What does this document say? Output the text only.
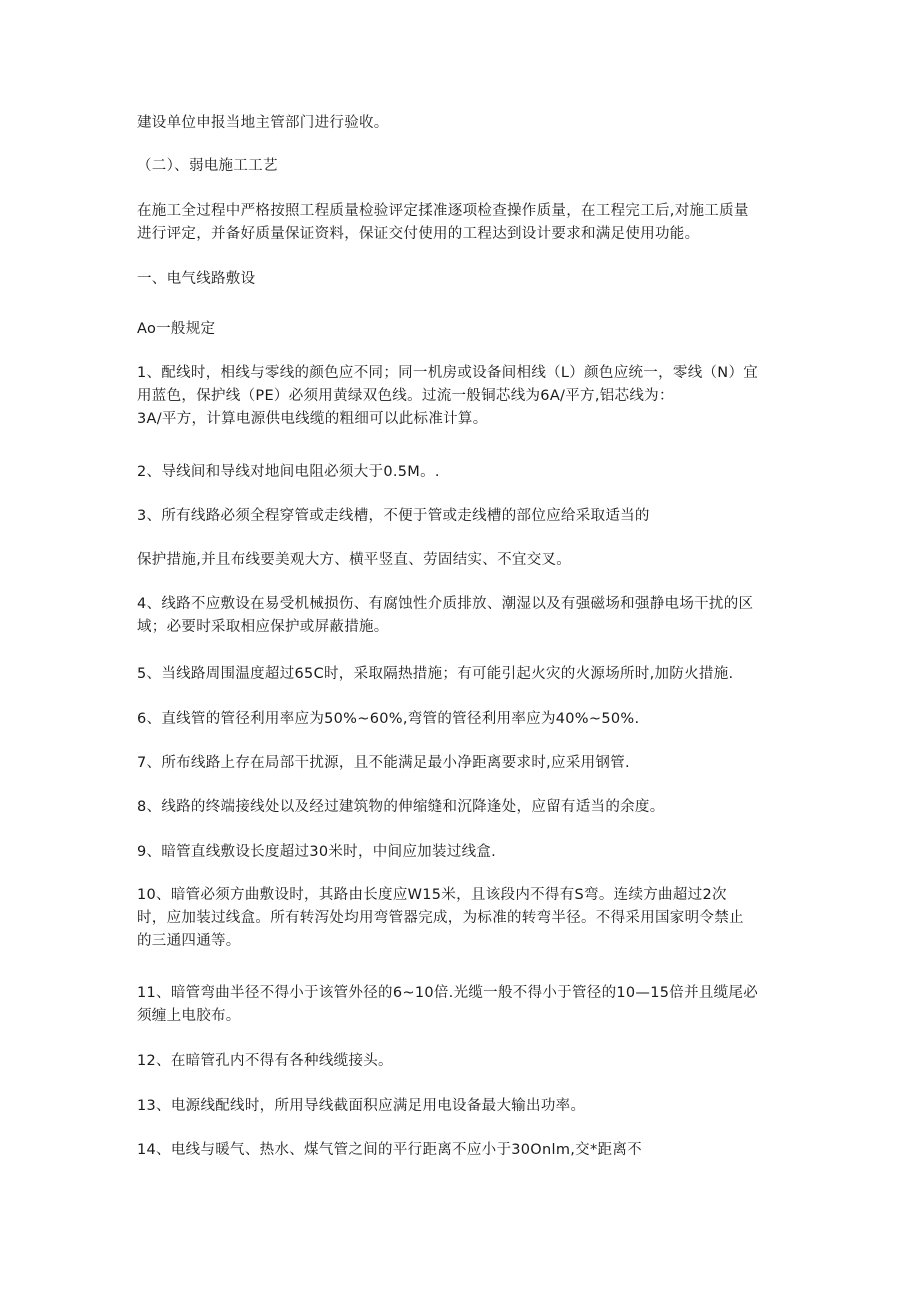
建设单位申报当地主管部门进行验收。

（二）、弱电施工工艺

在施工全过程中严格按照工程质量检验评定揉准逐项检查操作质量，在工程完工后,对施工质量
进行评定，并备好质量保证资料，保证交付使用的工程达到设计要求和满足使用功能。

一、电气线路敷设

Ao一般规定

1、配线时，相线与零线的颜色应不同；同一机房或设备间相线（L）颜色应统一，零线（N）宜
用蓝色，保护线（PE）必须用黄绿双色线。过流一般铜芯线为6A/平方,铝芯线为：
3A/平方，计算电源供电线缆的粗细可以此标准计算。

2、导线间和导线对地间电阻必须大于0.5M。.

3、所有线路必须全程穿管或走线槽，不便于管或走线槽的部位应给采取适当的

保护措施,并且布线要美观大方、横平竖直、劳固结实、不宜交叉。

4、线路不应敷设在易受机械损伤、有腐蚀性介质排放、潮湿以及有强磁场和强静电场干扰的区
域；必要时采取相应保护或屏蔽措施。

5、当线路周围温度超过65C时，采取隔热措施；有可能引起火灾的火源场所时,加防火措施.

6、直线管的管径利用率应为50%~60%,弯管的管径利用率应为40%~50%.

7、所布线路上存在局部干扰源，且不能满足最小净距离要求时,应采用钢管.

8、线路的终端接线处以及经过建筑物的伸缩缝和沉降逢处，应留有适当的余度。

9、暗管直线敷设长度超过30米时，中间应加装过线盒.

10、暗管必须方曲敷设时，其路由长度应W15米，且该段内不得有S弯。连续方曲超过2次
时，应加装过线盒。所有转泻处均用弯管器完成，为标准的转弯半径。不得采用国家明令禁止
的三通四通等。

11、暗管弯曲半径不得小于该管外径的6~10倍.光缆一般不得小于管径的10—15倍并且缆尾必
须缠上电胶布。

12、在暗管孔内不得有各种线缆接头。

13、电源线配线时，所用导线截面积应满足用电设备最大输出功率。

14、电线与暖气、热水、煤气管之间的平行距离不应小于30Onlm,交*距离不
